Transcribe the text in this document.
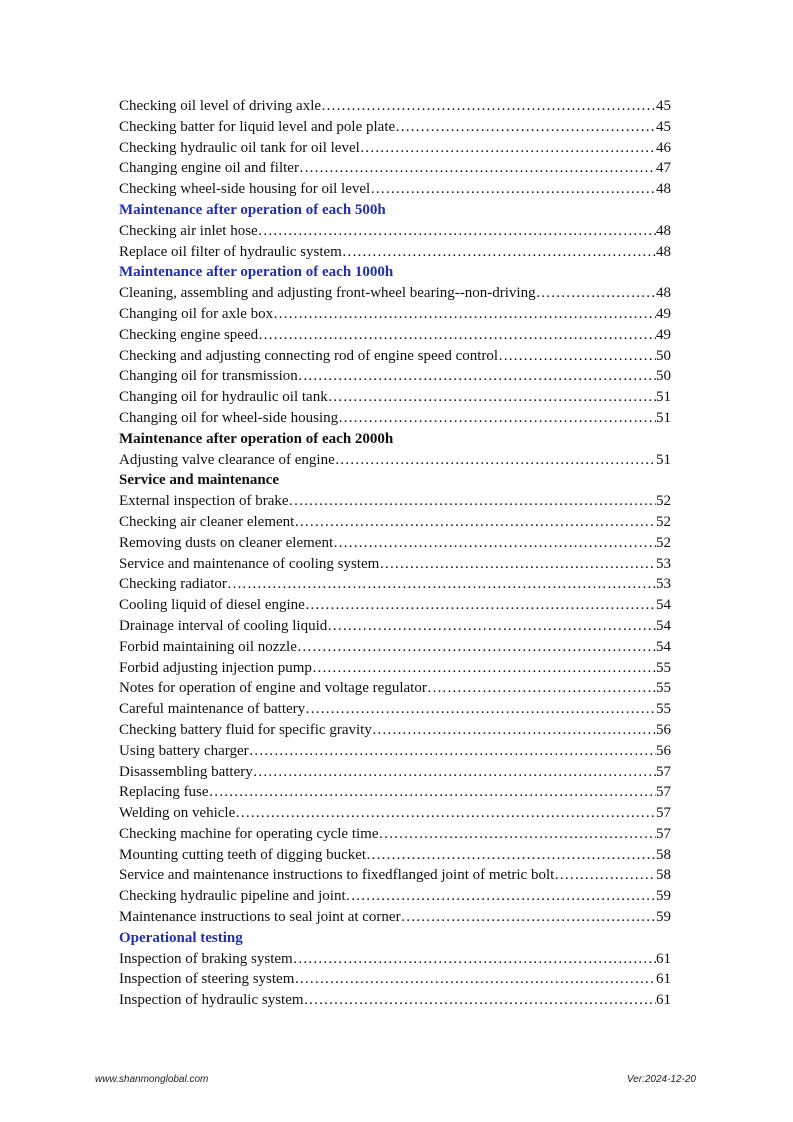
Checking oil level of driving axle …………………………………………………………………………………………………………………………………………………………	45
Checking batter for liquid level and pole plate …………………………………………………………………………………………………………………………………………………………	45
Checking hydraulic oil tank for oil level …………………………………………………………………………………………………………………………………………………………	46
Changing engine oil and filter …………………………………………………………………………………………………………………………………………………………	47
Checking wheel-side housing for oil level …………………………………………………………………………………………………………………………………………………………	48
Maintenance after operation of each 500h
Checking air inlet hose …………………………………………………………………………………………………………………………………………………………	48
Replace oil filter of hydraulic system …………………………………………………………………………………………………………………………………………………………	48
Maintenance after operation of each 1000h
Cleaning, assembling and adjusting front-wheel bearing--non-driving …………………………………………………………………………………………………………………………………………………………	48
Changing oil for axle box …………………………………………………………………………………………………………………………………………………………	49
Checking engine speed …………………………………………………………………………………………………………………………………………………………	49
Checking and adjusting connecting rod of engine speed control …………………………………………………………………………………………………………………………………………………………	50
Changing oil for transmission …………………………………………………………………………………………………………………………………………………………	50
Changing oil for hydraulic oil tank …………………………………………………………………………………………………………………………………………………………	51
Changing oil for wheel-side housing …………………………………………………………………………………………………………………………………………………………	51
Maintenance after operation of each 2000h
Adjusting valve clearance of engine …………………………………………………………………………………………………………………………………………………………	51
Service and maintenance
External inspection of brake …………………………………………………………………………………………………………………………………………………………	52
Checking air cleaner element …………………………………………………………………………………………………………………………………………………………	52
Removing dusts on cleaner element …………………………………………………………………………………………………………………………………………………………	52
Service and maintenance of cooling system …………………………………………………………………………………………………………………………………………………………	53
Checking radiator …………………………………………………………………………………………………………………………………………………………	53
Cooling liquid of diesel engine …………………………………………………………………………………………………………………………………………………………	54
Drainage interval of cooling liquid …………………………………………………………………………………………………………………………………………………………	54
Forbid maintaining oil nozzle …………………………………………………………………………………………………………………………………………………………	54
Forbid adjusting injection pump …………………………………………………………………………………………………………………………………………………………	55
Notes for operation of engine and voltage regulator …………………………………………………………………………………………………………………………………………………………	55
Careful maintenance of battery …………………………………………………………………………………………………………………………………………………………	55
Checking battery fluid for specific gravity …………………………………………………………………………………………………………………………………………………………	56
Using battery charger …………………………………………………………………………………………………………………………………………………………	56
Disassembling battery …………………………………………………………………………………………………………………………………………………………	57
Replacing fuse …………………………………………………………………………………………………………………………………………………………	57
Welding on vehicle …………………………………………………………………………………………………………………………………………………………	57
Checking machine for operating cycle time …………………………………………………………………………………………………………………………………………………………	57
Mounting cutting teeth of digging bucket …………………………………………………………………………………………………………………………………………………………	58
Service and maintenance instructions to fixedflanged joint of metric bolt …………………………………………………………………………………………………………………………………………………………	58
Checking hydraulic pipeline and joint …………………………………………………………………………………………………………………………………………………………	59
Maintenance instructions to seal joint at corner …………………………………………………………………………………………………………………………………………………………	59
Operational testing
Inspection of braking system …………………………………………………………………………………………………………………………………………………………	61
Inspection of steering system …………………………………………………………………………………………………………………………………………………………	61
Inspection of hydraulic system …………………………………………………………………………………………………………………………………………………………	61
www.shanmonglobal.com	Ver:2024-12-20
